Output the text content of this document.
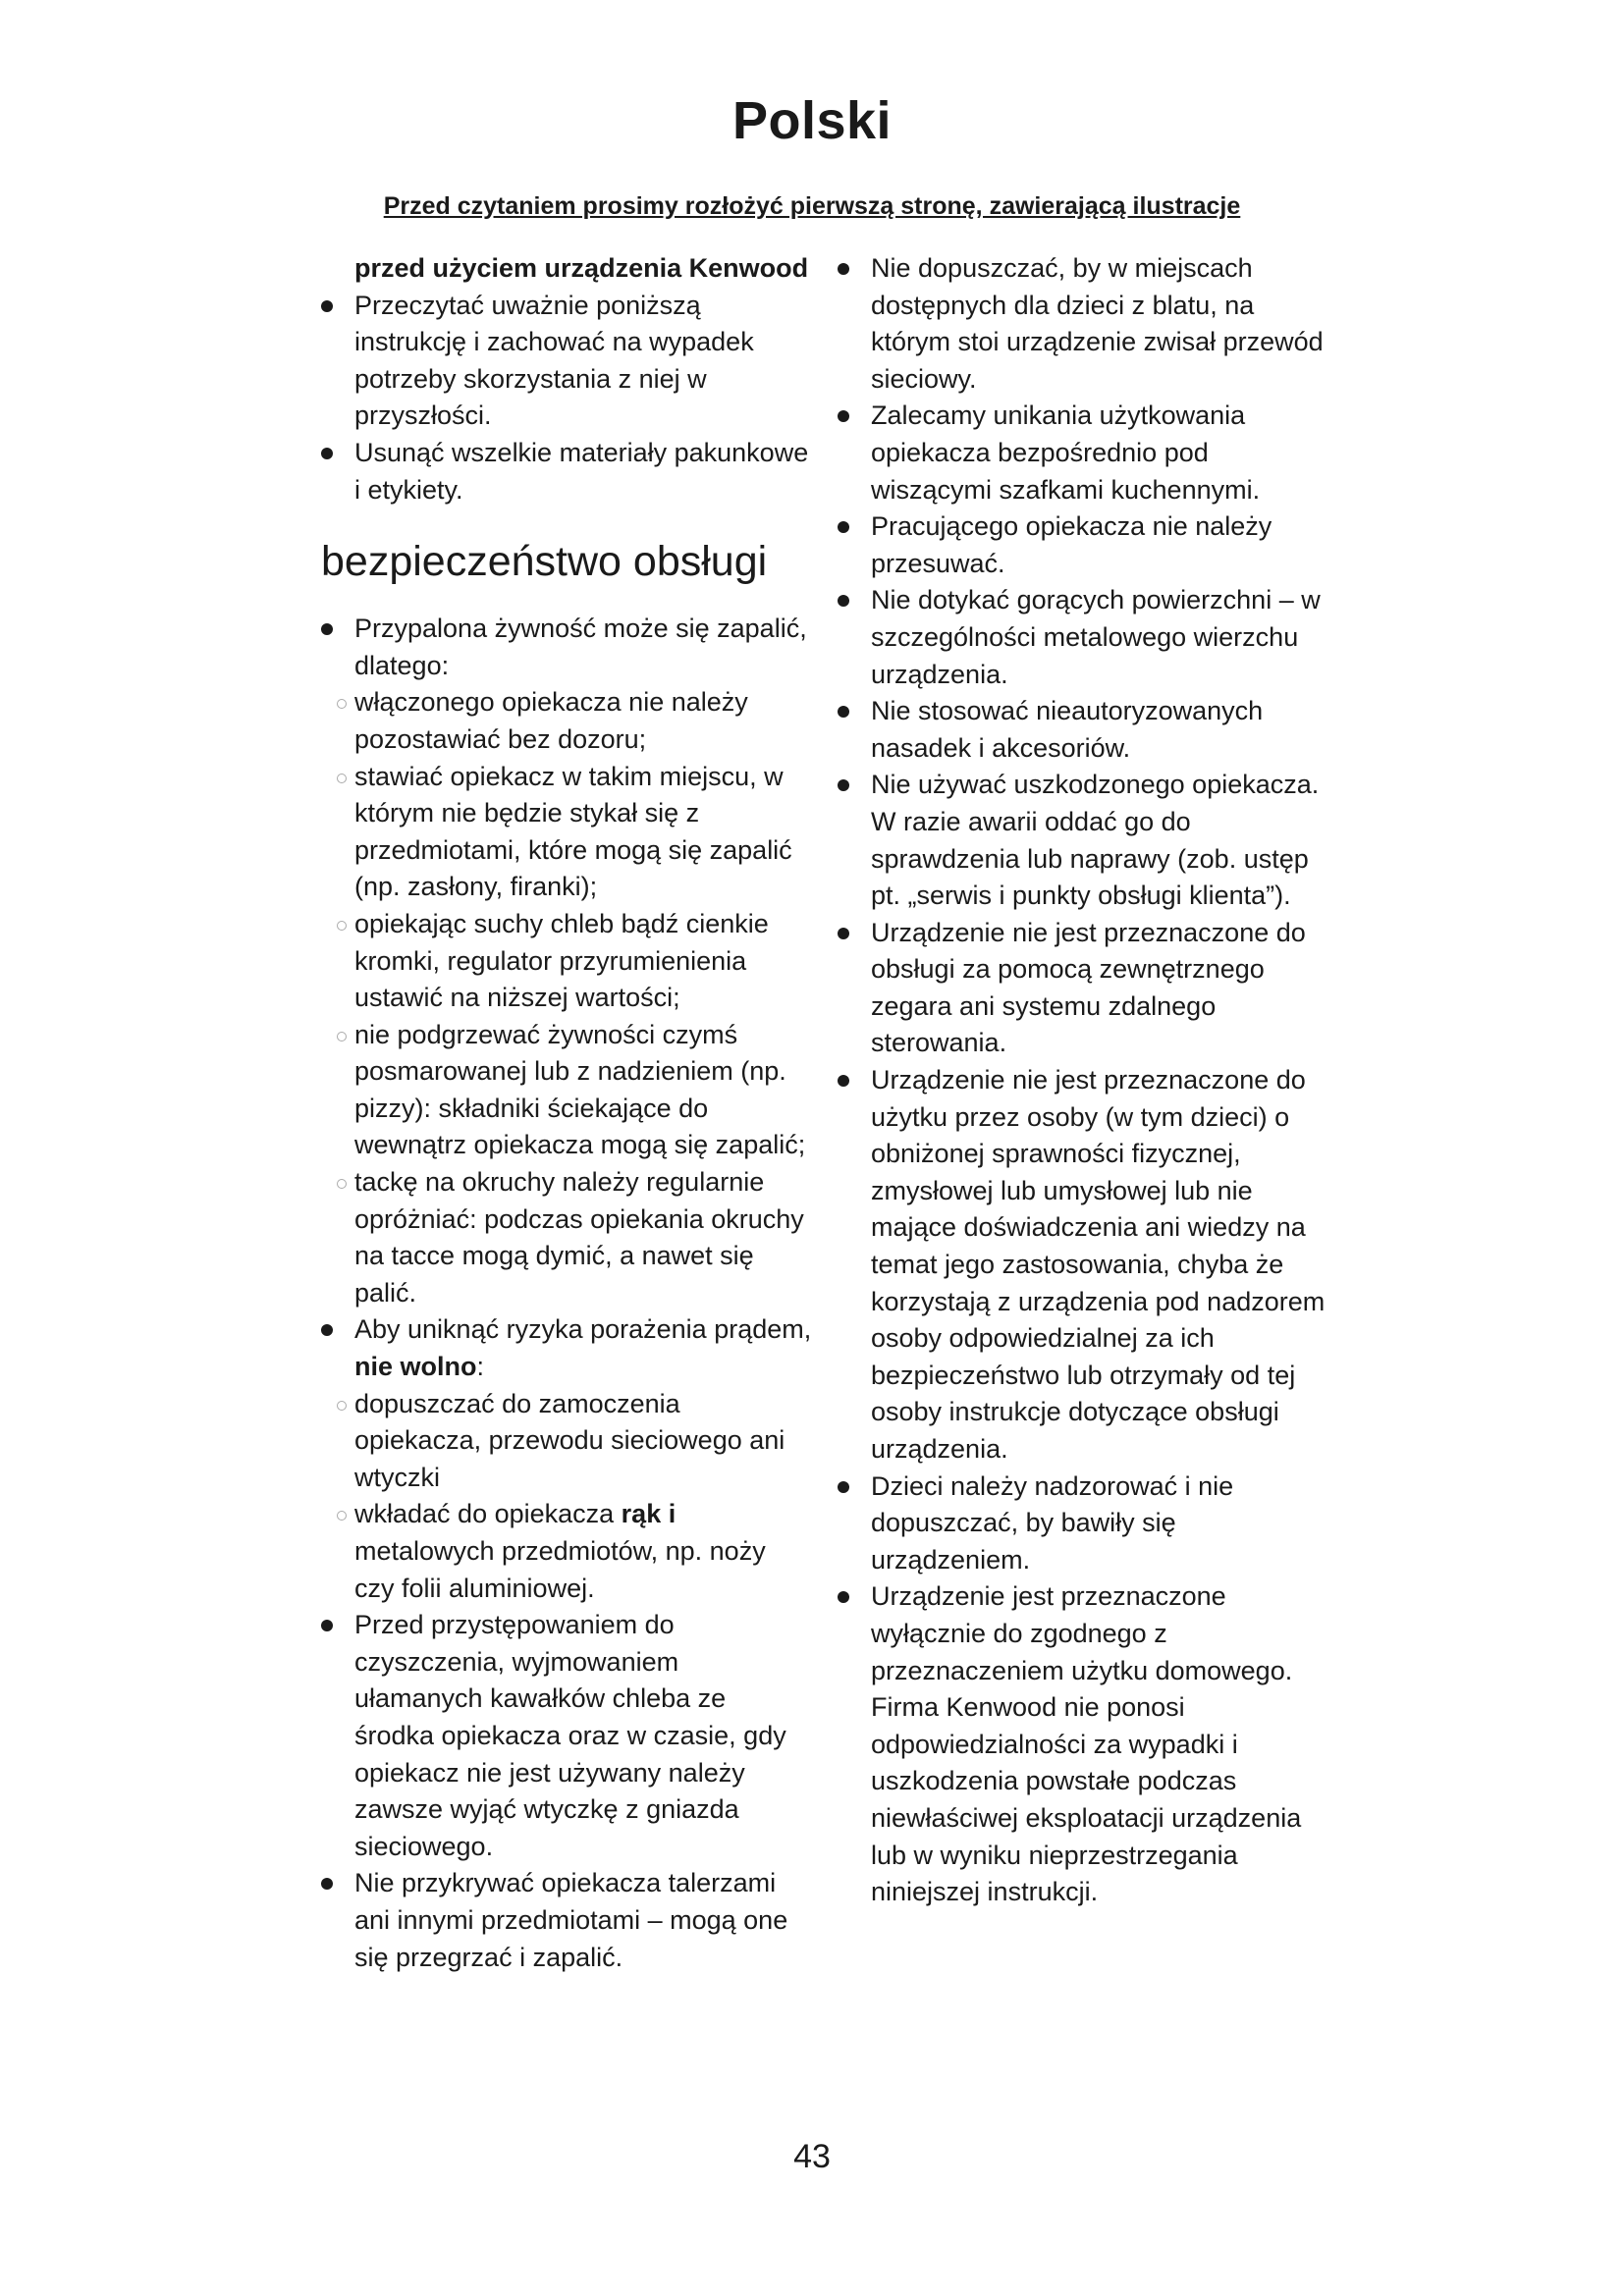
Polski

Przed czytaniem prosimy rozłożyć pierwszą stronę, zawierającą ilustracje

przed użyciem urządzenia Kenwood

Przeczytać uważnie poniższą instrukcję i zachować na wypadek potrzeby skorzystania z niej w przyszłości.

Usunąć wszelkie materiały pakunkowe i etykiety.

bezpieczeństwo obsługi

Przypalona żywność może się zapalić, dlatego:

włączonego opiekacza nie należy pozostawiać bez dozoru;

stawiać opiekacz w takim miejscu, w którym nie będzie stykał się z przedmiotami, które mogą się zapalić (np. zasłony, firanki);

opiekając suchy chleb bądź cienkie kromki, regulator przyrumienienia ustawić na niższej wartości;

nie podgrzewać żywności czymś posmarowanej lub z nadzieniem (np. pizzy): składniki ściekające do wewnątrz opiekacza mogą się zapalić;

tackę na okruchy należy regularnie opróżniać: podczas opiekania okruchy na tacce mogą dymić, a nawet się palić.

Aby uniknąć ryzyka porażenia prądem, nie wolno:

dopuszczać do zamoczenia opiekacza, przewodu sieciowego ani wtyczki

wkładać do opiekacza rąk i metalowych przedmiotów, np. noży czy folii aluminiowej.

Przed przystępowaniem do czyszczenia, wyjmowaniem ułamanych kawałków chleba ze środka opiekacza oraz w czasie, gdy opiekacz nie jest używany należy zawsze wyjąć wtyczkę z gniazda sieciowego.

Nie przykrywać opiekacza talerzami ani innymi przedmiotami – mogą one się przegrzać i zapalić.

Nie dopuszczać, by w miejscach dostępnych dla dzieci z blatu, na którym stoi urządzenie zwisał przewód sieciowy.

Zalecamy unikania użytkowania opiekacza bezpośrednio pod wiszącymi szafkami kuchennymi.

Pracującego opiekacza nie należy przesuwać.

Nie dotykać gorących powierzchni – w szczególności metalowego wierzchu urządzenia.

Nie stosować nieautoryzowanych nasadek i akcesoriów.

Nie używać uszkodzonego opiekacza. W razie awarii oddać go do sprawdzenia lub naprawy (zob. ustęp pt. „serwis i punkty obsługi klienta”).

Urządzenie nie jest przeznaczone do obsługi za pomocą zewnętrznego zegara ani systemu zdalnego sterowania.

Urządzenie nie jest przeznaczone do użytku przez osoby (w tym dzieci) o obniżonej sprawności fizycznej, zmysłowej lub umysłowej lub nie mające doświadczenia ani wiedzy na temat jego zastosowania, chyba że korzystają z urządzenia pod nadzorem osoby odpowiedzialnej za ich bezpieczeństwo lub otrzymały od tej osoby instrukcje dotyczące obsługi urządzenia.

Dzieci należy nadzorować i nie dopuszczać, by bawiły się urządzeniem.

Urządzenie jest przeznaczone wyłącznie do zgodnego z przeznaczeniem użytku domowego. Firma Kenwood nie ponosi odpowiedzialności za wypadki i uszkodzenia powstałe podczas niewłaściwej eksploatacji urządzenia lub w wyniku nieprzestrzegania niniejszej instrukcji.

43
